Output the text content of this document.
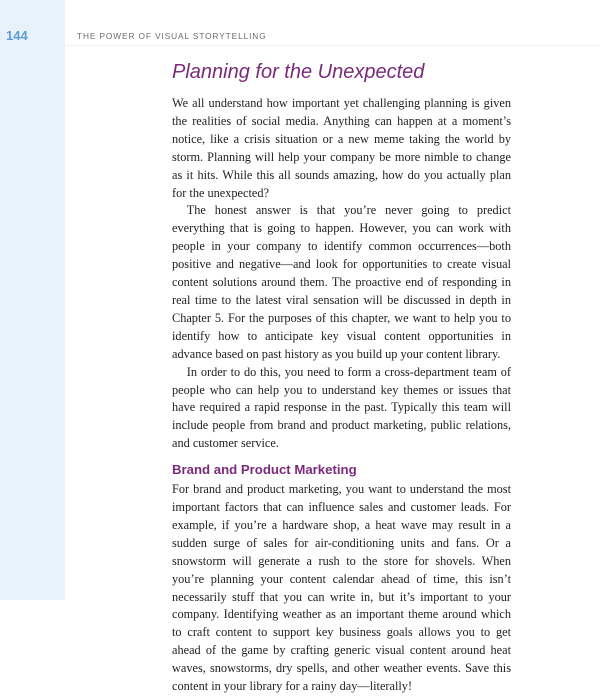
144	THE POWER OF VISUAL STORYTELLING
Planning for the Unexpected

We all understand how important yet challenging planning is given the realities of social media. Anything can happen at a moment’s notice, like a crisis situation or a new meme taking the world by storm. Planning will help your company be more nimble to change as it hits. While this all sounds amazing, how do you actually plan for the unexpected?

The honest answer is that you’re never going to predict everything that is going to happen. However, you can work with people in your company to identify common occurrences—both positive and negative—and look for opportunities to create visual content solutions around them. The proactive end of responding in real time to the latest viral sensation will be discussed in depth in Chapter 5. For the purposes of this chapter, we want to help you to identify how to anticipate key visual content opportunities in advance based on past history as you build up your content library.

In order to do this, you need to form a cross-department team of people who can help you to understand key themes or issues that have required a rapid response in the past. Typically this team will include people from brand and product marketing, public relations, and customer service.

Brand and Product Marketing

For brand and product marketing, you want to understand the most important factors that can influence sales and customer leads. For example, if you’re a hardware shop, a heat wave may result in a sudden surge of sales for air-conditioning units and fans. Or a snowstorm will generate a rush to the store for shovels. When you’re planning your content calendar ahead of time, this isn’t necessarily stuff that you can write in, but it’s important to your company. Identifying weather as an important theme around which to craft content to support key business goals allows you to get ahead of the game by crafting generic visual content around heat waves, snowstorms, dry spells, and other weather events. Save this content in your library for a rainy day—literally!
